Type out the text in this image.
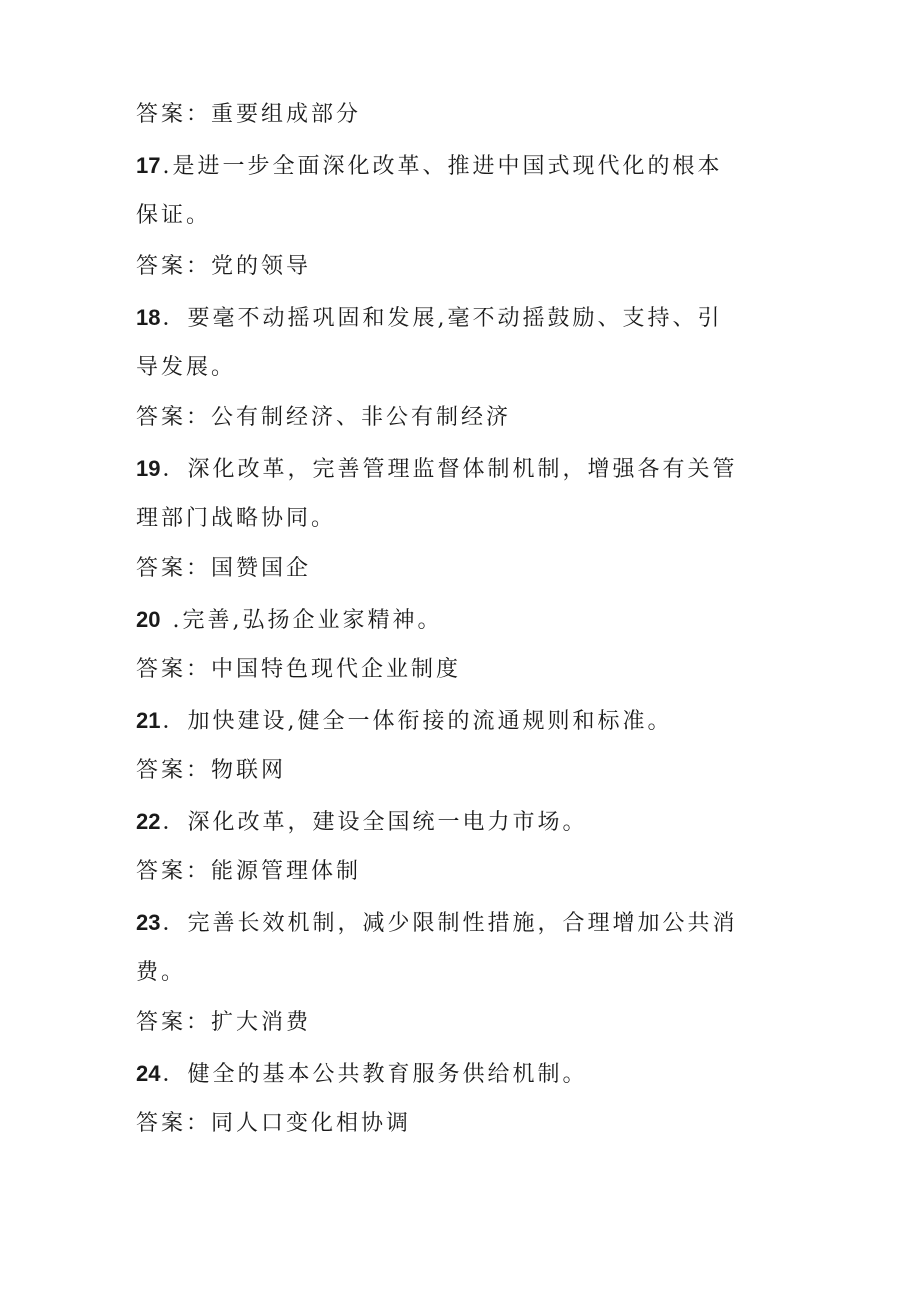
答案：重要组成部分
17.是进一步全面深化改革、推进中国式现代化的根本
保证。
答案：党的领导
18．要毫不动摇巩固和发展,毫不动摇鼓励、支持、引
导发展。
答案：公有制经济、非公有制经济
19．深化改革，完善管理监督体制机制，增强各有关管
理部门战略协同。
答案：国赞国企
20 .完善,弘扬企业家精神。
答案：中国特色现代企业制度
21．加快建设,健全一体衔接的流通规则和标准。
答案：物联网
22．深化改革，建设全国统一电力市场。
答案：能源管理体制
23．完善长效机制，减少限制性措施，合理增加公共消
费。
答案：扩大消费
24．健全的基本公共教育服务供给机制。
答案：同人口变化相协调
